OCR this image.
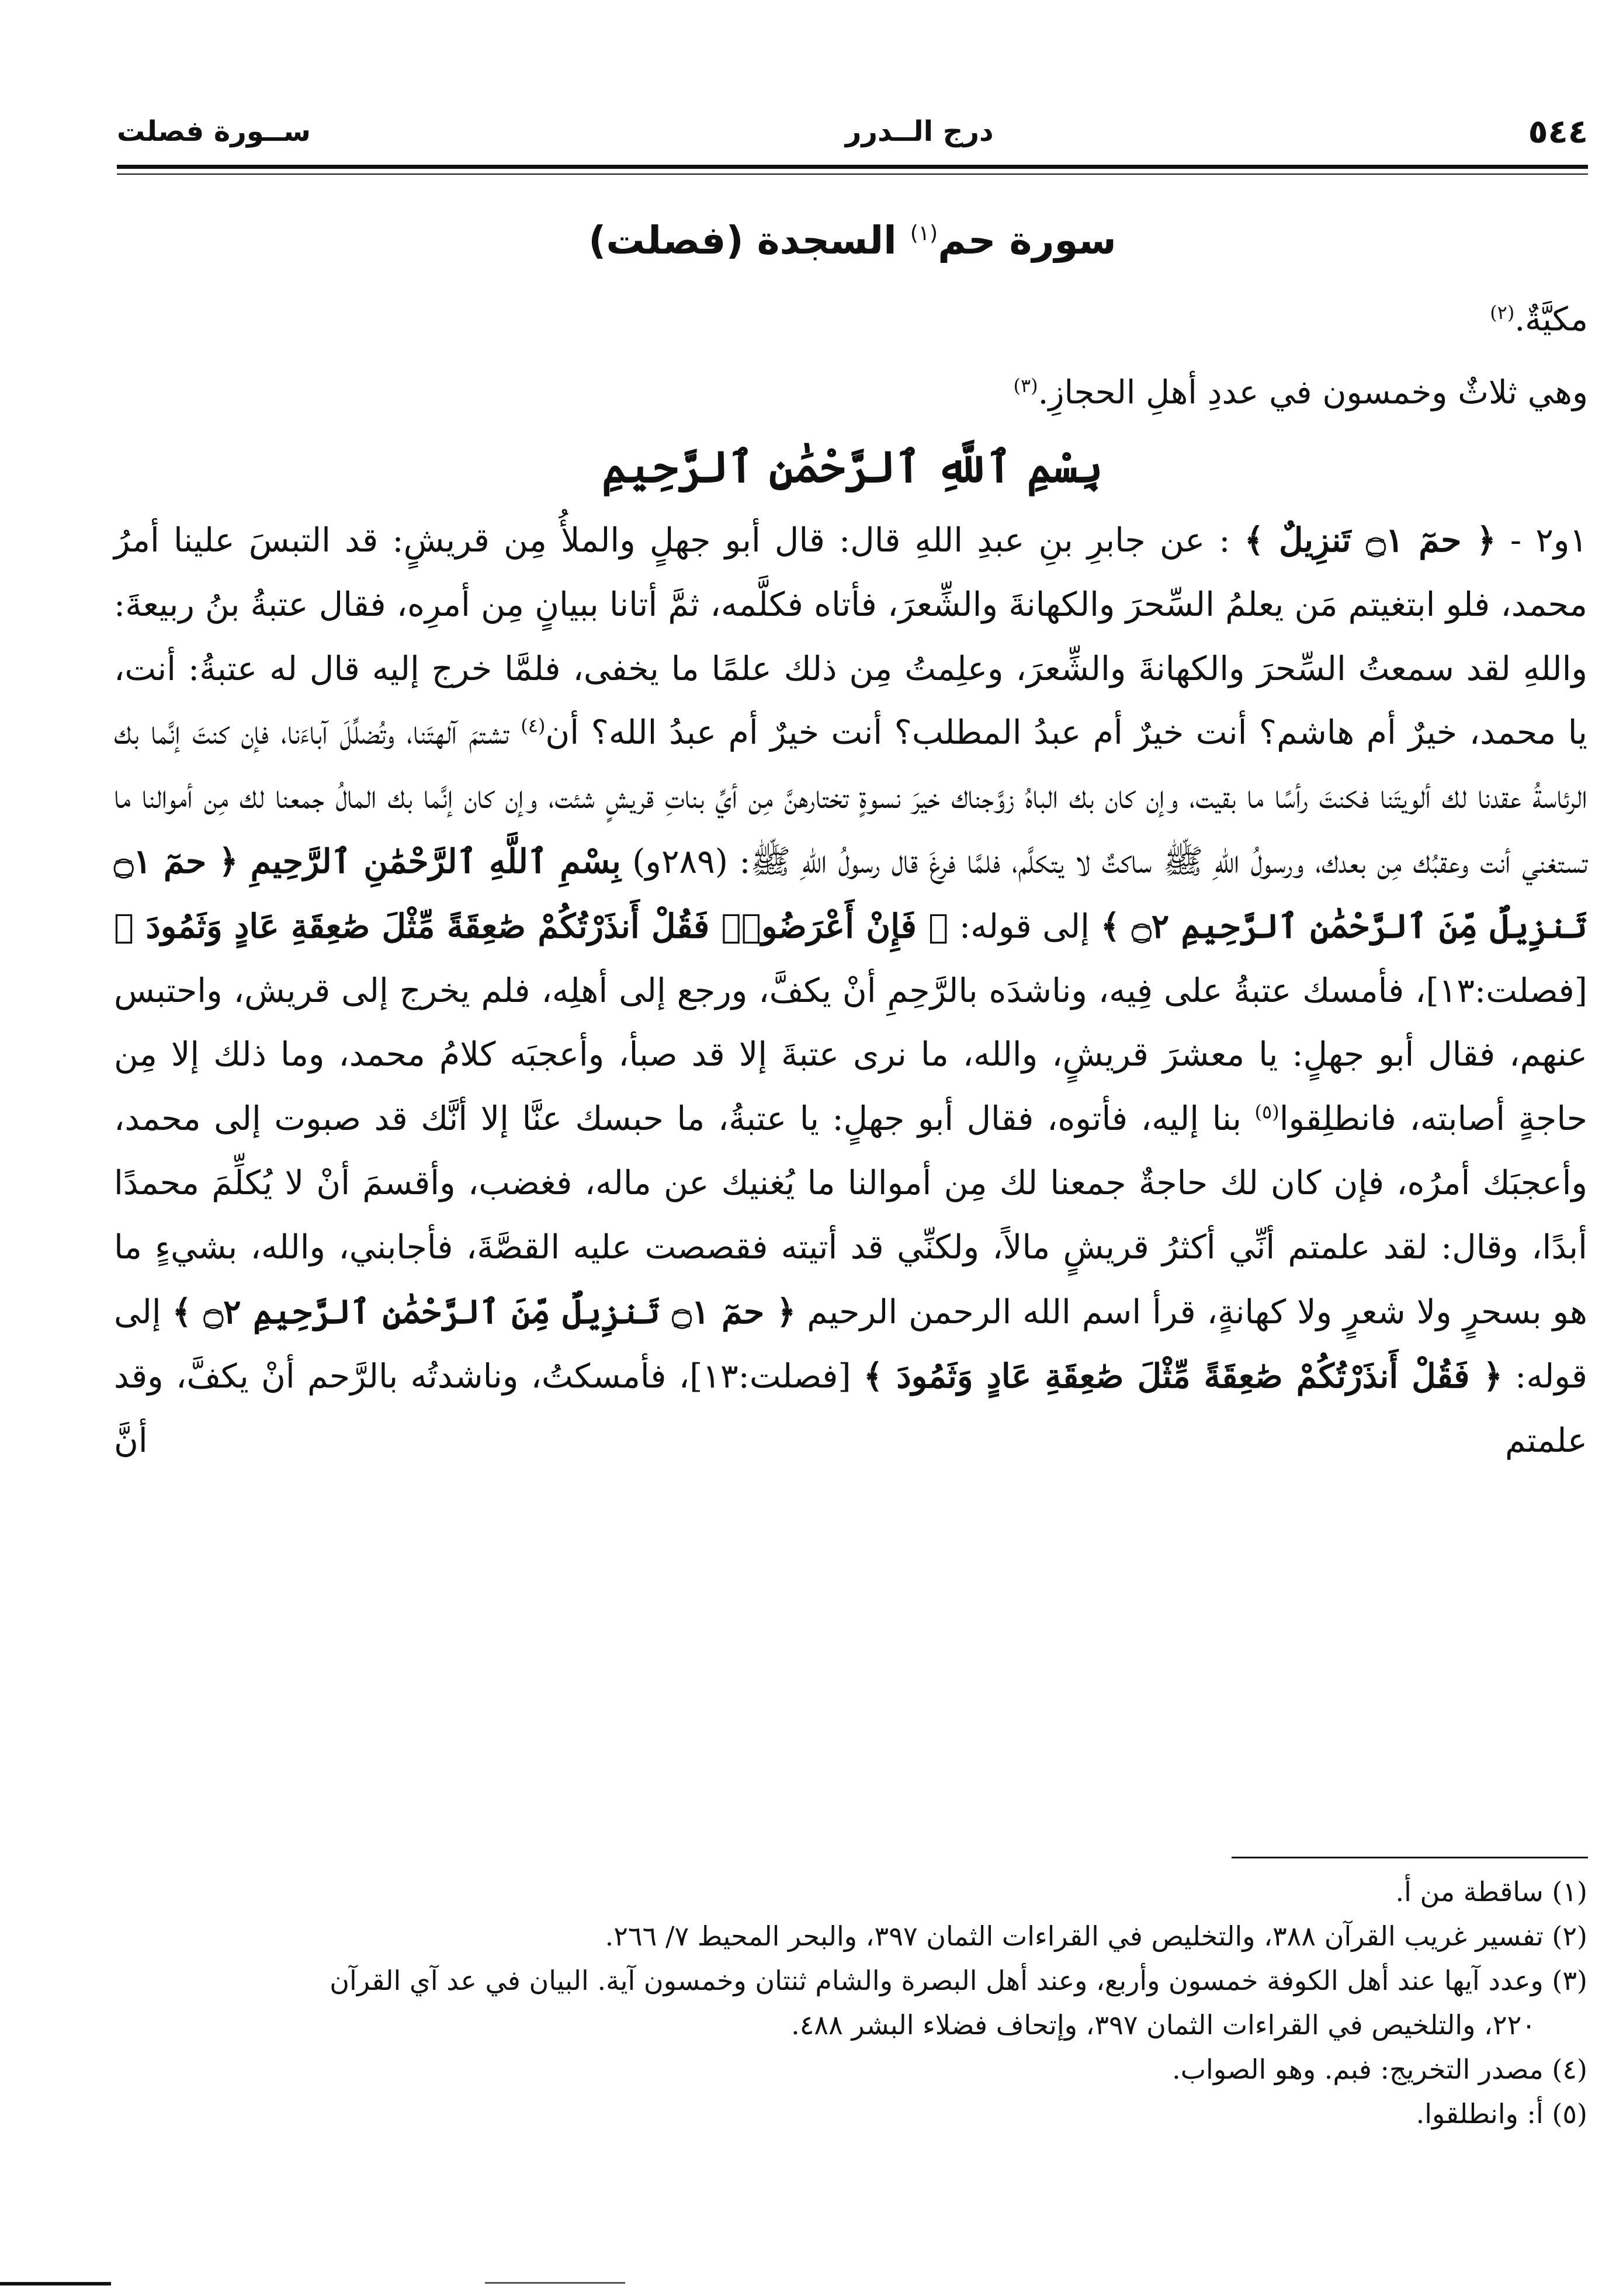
٥٤٤
درج الــدرر
ســورة فصلت
سورة حم$^{(١)}$ السجدة (فصلت)
مكيَّةٌ.$^{(٢)}$
وهي ثلاثٌ وخمسون في عددِ أهلِ الحجازِ.$^{(٣)}$
بِسْمِ ٱللَّهِ ٱلرَّحْمَٰنِ ٱلرَّحِيمِ

١و٢ - ﴿ حمٓ ۝١ تَنزِيلٌ ﴾ : عن جابرِ بنِ عبدِ اللهِ قال: قال أبو جهلٍ والملأُ مِن قريشٍ: قد التبسَ علينا أمرُ محمد، فلو ابتغيتم مَن يعلمُ السِّحرَ والكهانةَ والشِّعرَ، فأتاه فكلَّمه، ثمَّ أتانا ببيانٍ مِن أمرِه، فقال عتبةُ بنُ ربيعةَ: واللهِ لقد سمعتُ السِّحرَ والكهانةَ والشِّعرَ، وعلِمتُ مِن ذلك علمًا ما يخفى، فلمَّا خرج إليه قال له عتبةُ: أنت، يا محمد، خيرٌ أم هاشم؟ أنت خيرٌ أم عبدُ المطلب؟ أنت خيرٌ أم عبدُ الله؟ أن$^{(٤)}$ تشتمَ آلهتَنا، وتُضلِّلَ آباءَنا، فإن كنتَ إنَّما بك الرئاسةُ عقدنا لك ألويتَنا فكنتَ رأسًا ما بقيت، وإن كان بك الباهُ زوَّجناك خيرَ نسوةٍ تختارهنَّ مِن أيِّ بناتِ قريشٍ شئت، وإن كان إنَّما بك المالُ جمعنا لك مِن أموالنا ما تستغني أنت وعقبُك مِن بعدك، ورسولُ اللهِ ﷺ ساكتٌ لا يتكلَّم، فلمَّا فرغَ قال رسولُ اللهِ ﷺ: (٢٨٩و) بِسْمِ ٱللَّهِ ٱلرَّحْمَٰنِ ٱلرَّحِيمِ ﴿ حمٓ ۝١ تَنزِيلٌ مِّنَ ٱلرَّحْمَٰنِ ٱلرَّحِيمِ ۝٢ ﴾ إلى قوله: ﴿ فَإِنْ أَعْرَضُوا۟ فَقُلْ أَنذَرْتُكُمْ صَٰعِقَةً مِّثْلَ صَٰعِقَةِ عَادٍ وَثَمُودَ ﴾ [فصلت:١٣]، فأمسك عتبةُ على فِيه، وناشدَه بالرَّحِمِ أنْ يكفَّ، ورجع إلى أهلِه، فلم يخرج إلى قريش، واحتبس عنهم، فقال أبو جهلٍ: يا معشرَ قريشٍ، والله، ما نرى عتبةَ إلا قد صبأ، وأعجبَه كلامُ محمد، وما ذلك إلا مِن حاجةٍ أصابته، فانطلِقوا$^{(٥)}$ بنا إليه، فأتوه، فقال أبو جهلٍ: يا عتبةُ، ما حبسك عنَّا إلا أنَّك قد صبوت إلى محمد، وأعجبَك أمرُه، فإن كان لك حاجةٌ جمعنا لك مِن أموالنا ما يُغنيك عن ماله، فغضب، وأقسمَ أنْ لا يُكلِّمَ محمدًا أبدًا، وقال: لقد علمتم أنِّي أكثرُ قريشٍ مالاً، ولكنِّي قد أتيته فقصصت عليه القصَّةَ، فأجابني، والله، بشيءٍ ما هو بسحرٍ ولا شعرٍ ولا كهانةٍ، قرأ اسم الله الرحمن الرحيم ﴿ حمٓ ۝١ تَنزِيلٌ مِّنَ ٱلرَّحْمَٰنِ ٱلرَّحِيمِ ۝٢ ﴾ إلى قوله: ﴿ فَقُلْ أَنذَرْتُكُمْ صَٰعِقَةً مِّثْلَ صَٰعِقَةِ عَادٍ وَثَمُودَ ﴾ [فصلت:١٣]، فأمسكتُ، وناشدتُه بالرَّحم أنْ يكفَّ، وقد علمتم أنَّ

(١) ساقطة من أ.

(٢) تفسير غريب القرآن ٣٨٨، والتخليص في القراءات الثمان ٣٩٧، والبحر المحيط ٧/ ٢٦٦.

(٣) وعدد آيها عند أهل الكوفة خمسون وأربع، وعند أهل البصرة والشام ثنتان وخمسون آية. البيان في عد آي القرآن

٢٢٠، والتلخيص في القراءات الثمان ٣٩٧، وإتحاف فضلاء البشر ٤٨٨.

(٤) مصدر التخريج: فبم. وهو الصواب.

(٥) أ: وانطلقوا.
